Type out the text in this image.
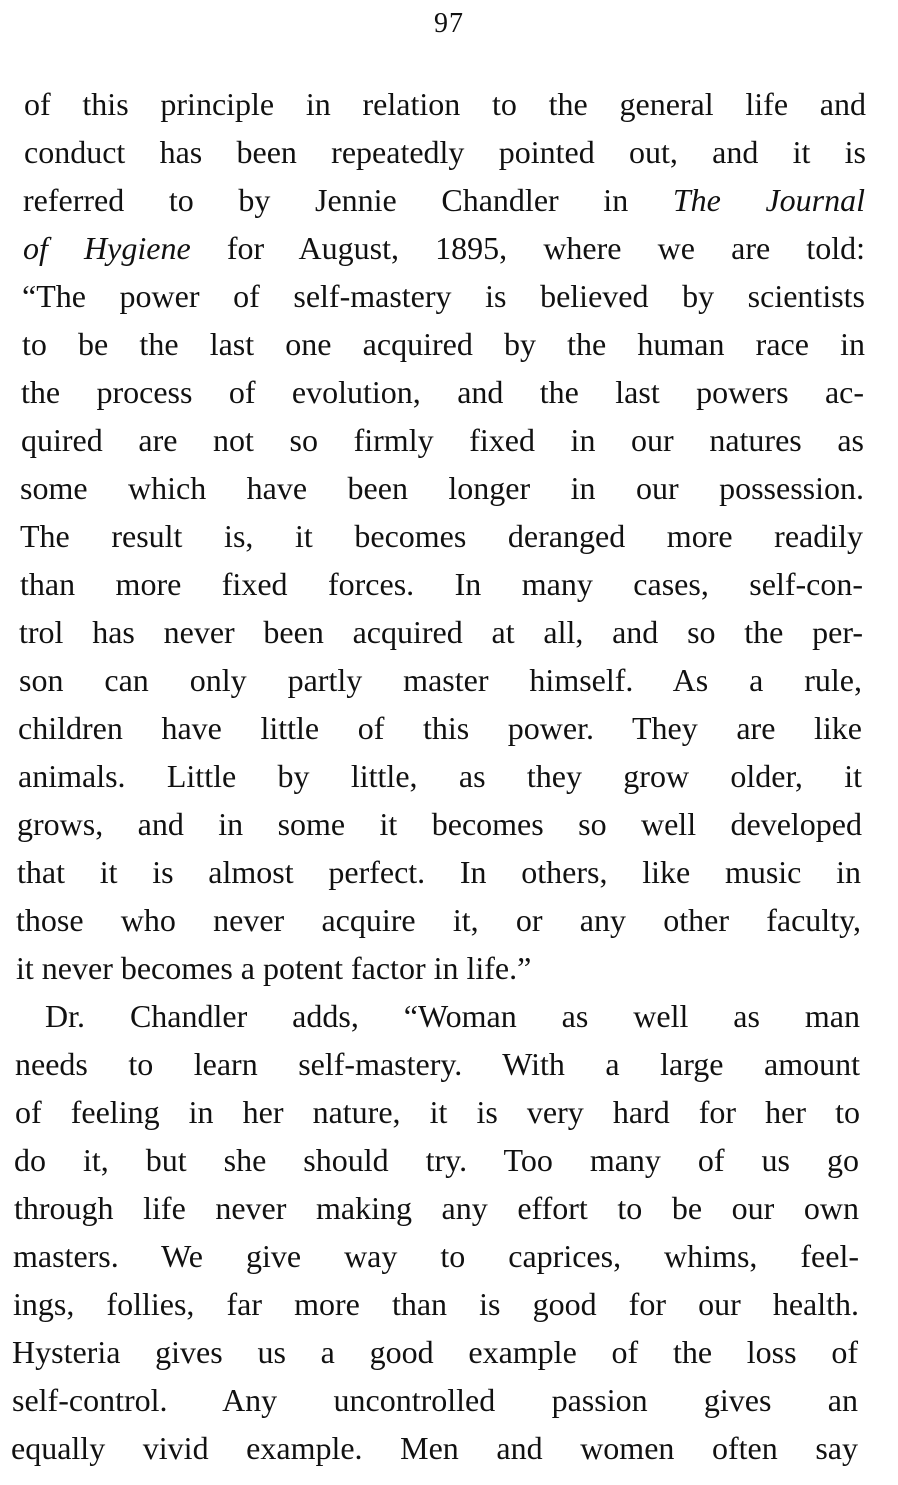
97
of this principle in relation to the general life and
conduct has been repeatedly pointed out, and it is
referred to by Jennie Chandler in The Journal
of Hygiene for August, 1895, where we are told:
“The power of self-mastery is believed by scientists
to be the last one acquired by the human race in
the process of evolution, and the last powers ac-
quired are not so firmly fixed in our natures as
some which have been longer in our possession.
The result is, it becomes deranged more readily
than more fixed forces. In many cases, self-con-
trol has never been acquired at all, and so the per-
son can only partly master himself. As a rule,
children have little of this power. They are like
animals. Little by little, as they grow older, it
grows, and in some it becomes so well developed
that it is almost perfect. In others, like music in
those who never acquire it, or any other faculty,
it never becomes a potent factor in life.”
Dr. Chandler adds, “Woman as well as man
needs to learn self-mastery. With a large amount
of feeling in her nature, it is very hard for her to
do it, but she should try. Too many of us go
through life never making any effort to be our own
masters. We give way to caprices, whims, feel-
ings, follies, far more than is good for our health.
Hysteria gives us a good example of the loss of
self-control. Any uncontrolled passion gives an
equally vivid example. Men and women often say
